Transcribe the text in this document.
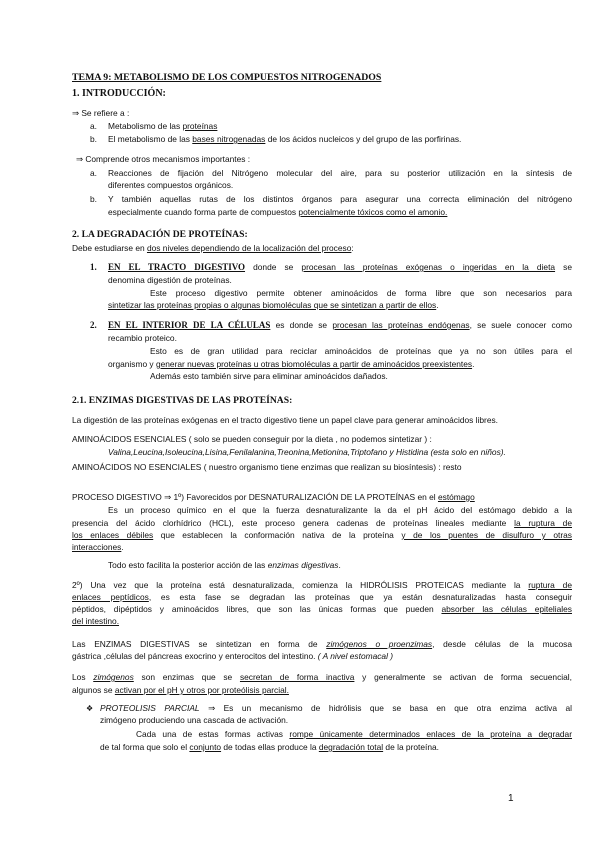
TEMA 9: METABOLISMO DE LOS COMPUESTOS NITROGENADOS
1. INTRODUCCIÓN:
⇒ Se refiere a :
a. Metabolismo de las proteínas
b. El metabolismo de las bases nitrogenadas de los ácidos nucleicos y del grupo de las porfirinas.
⇒ Comprende otros mecanismos importantes :
a. Reacciones de fijación del Nitrógeno molecular del aire, para su posterior utilización en la síntesis de
diferentes compuestos orgánicos.
b. Y también aquellas rutas de los distintos órganos para asegurar una correcta eliminación del nitrógeno
especialmente cuando forma parte de compuestos potencialmente tóxicos como el amonio.
2. LA DEGRADACIÓN DE PROTEÍNAS:
Debe estudiarse en dos niveles dependiendo de la localización del proceso:
1. EN EL TRACTO DIGESTIVO donde se procesan las proteínas exógenas o ingeridas en la dieta se
denomina digestión de proteínas.
Este proceso digestivo permite obtener aminoácidos de forma libre que son necesarios para
sintetizar las proteínas propias o algunas biomoléculas que se sintetizan a partir de ellos.
2. EN EL INTERIOR DE LA CÉLULAS es donde se procesan las proteínas endógenas, se suele conocer como
recambio proteico.
Esto es de gran utilidad para reciclar aminoácidos de proteínas que ya no son útiles para el
organismo y generar nuevas proteínas u otras biomoléculas a partir de aminoácidos preexistentes.
Además esto también sirve para eliminar aminoácidos dañados.
2.1. ENZIMAS DIGESTIVAS DE LAS PROTEÍNAS:
La digestión de las proteínas exógenas en el tracto digestivo tiene un papel clave para generar aminoácidos libres.
AMINOÁCIDOS ESENCIALES ( solo se pueden conseguir por la dieta , no podemos sintetizar ) :
Valina,Leucina,Isoleucina,Lisina,Fenilalanina,Treonina,Metionina,Triptofano y Histidina (esta solo en niños).
AMINOÁCIDOS NO ESENCIALES ( nuestro organismo tiene enzimas que realizan su biosíntesis) : resto
PROCESO DIGESTIVO ⇒ 1º) Favorecidos por DESNATURALIZACIÓN DE LA PROTEÍNAS en el estómago
Es un proceso químico en el que la fuerza desnaturalizante la da el pH ácido del estómago debido a la
presencia del ácido clorhídrico (HCL), este proceso genera cadenas de proteínas lineales mediante la ruptura de
los enlaces débiles que establecen la conformación nativa de la proteína y de los puentes de disulfuro y otras
interacciones.
Todo esto facilita la posterior acción de las enzimas digestivas.
2º) Una vez que la proteína está desnaturalizada, comienza la HIDRÓLISIS PROTEICAS mediante la ruptura de
enlaces peptídicos, es esta fase se degradan las proteínas que ya están desnaturalizadas hasta conseguir
péptidos, dipéptidos y aminoácidos libres, que son las únicas formas que pueden absorber las células epiteliales
del intestino.
Las ENZIMAS DIGESTIVAS se sintetizan en forma de zimógenos o proenzimas, desde células de la mucosa
gástrica ,células del páncreas exocrino y enterocitos del intestino. ( A nivel estomacal )
Los zimógenos son enzimas que se secretan de forma inactiva y generalmente se activan de forma secuencial,
algunos se activan por el pH y otros por proteólisis parcial.
❖ PROTEOLISIS PARCIAL ⇒ Es un mecanismo de hidrólisis que se basa en que otra enzima activa al
zimógeno produciendo una cascada de activación.
Cada una de estas formas activas rompe únicamente determinados enlaces de la proteína a degradar
de tal forma que solo el conjunto de todas ellas produce la degradación total de la proteína.
1
